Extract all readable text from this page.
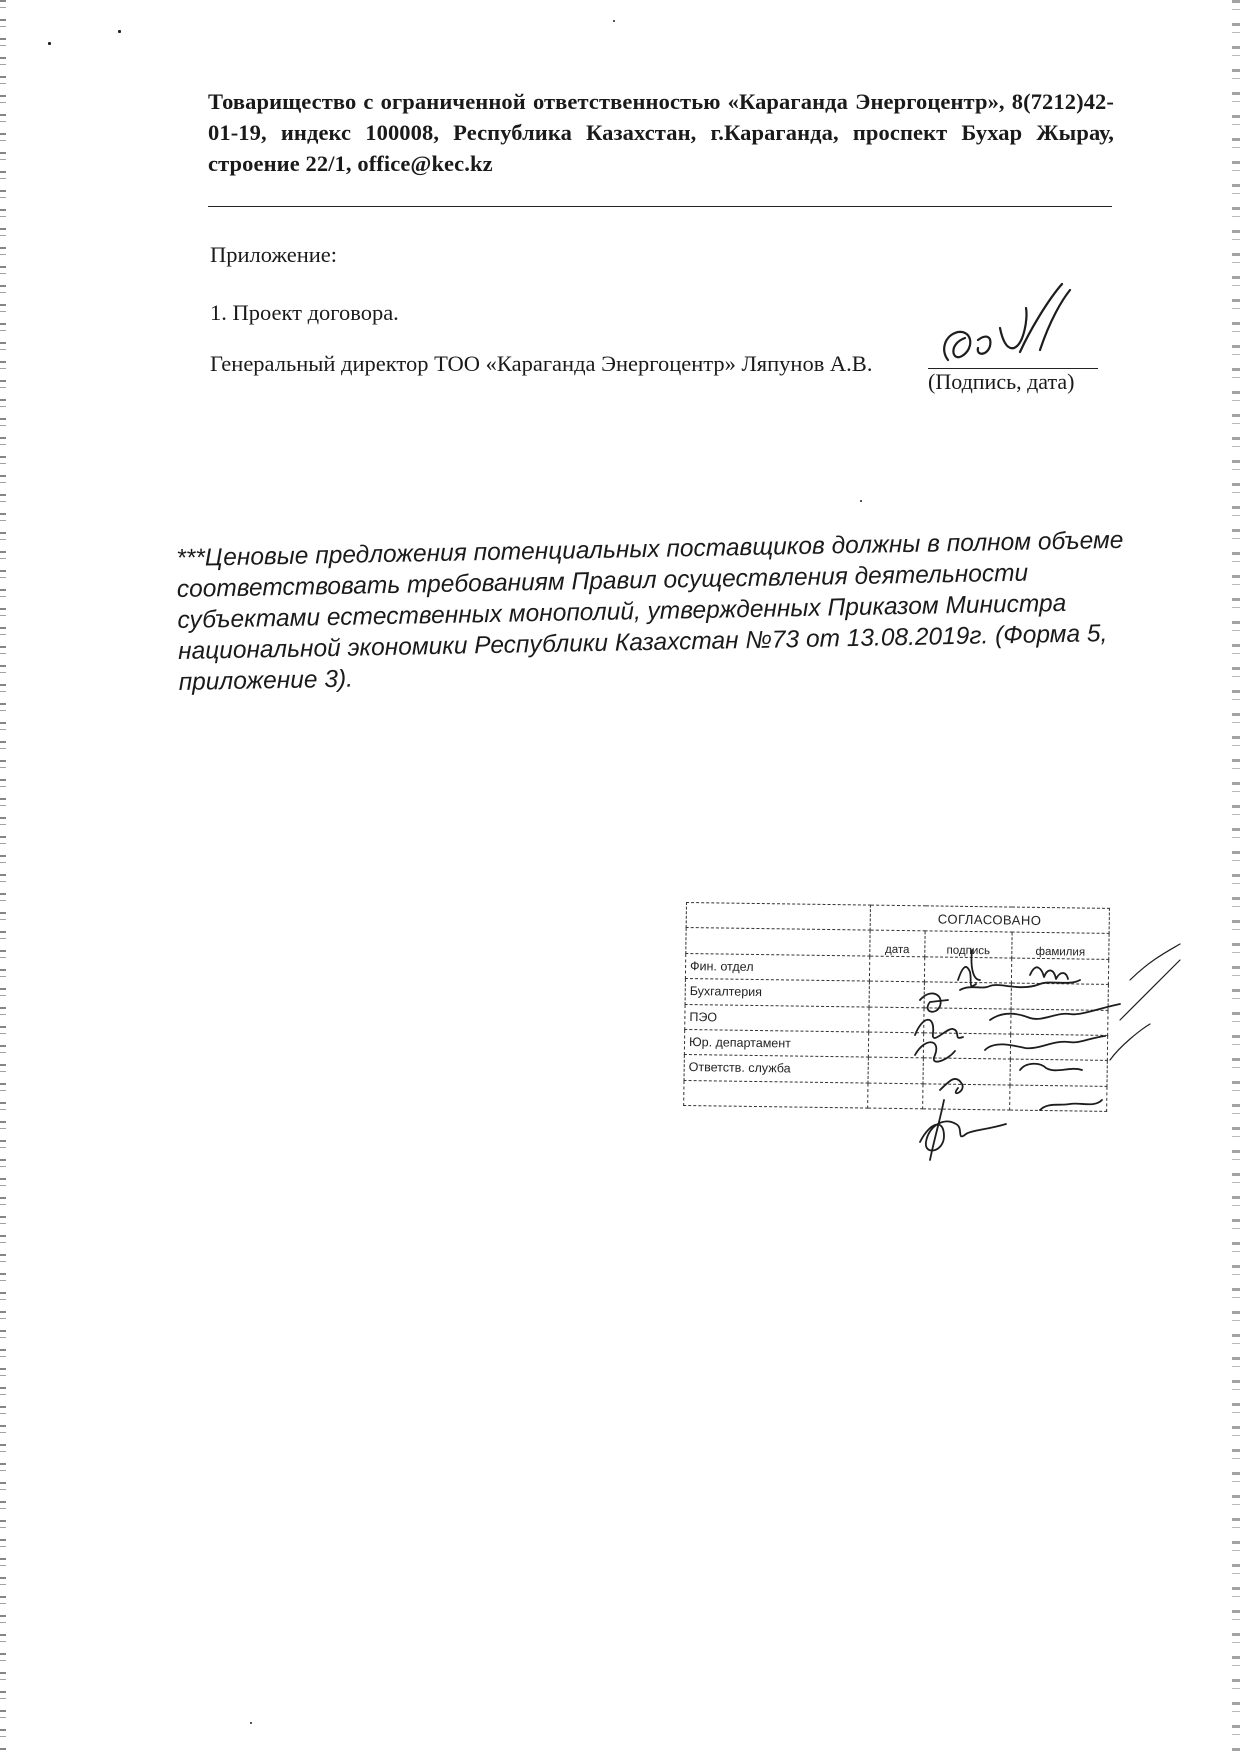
Товарищество с ограниченной ответственностью «Караганда Энергоцентр», 8(7212)42-01-19, индекс 100008, Республика Казахстан, г.Караганда, проспект Бухар Жырау, строение 22/1, office@kec.kz
Приложение:
1. Проект договора.
Генеральный директор ТОО «Караганда Энергоцентр» Ляпунов А.В.
(Подпись, дата)
***Ценовые предложения потенциальных поставщиков должны в полном объеме соответствовать требованиям Правил осуществления деятельности субъектами естественных монополий, утвержденных Приказом Министра национальной экономики Республики Казахстан №73 от 13.08.2019г. (Форма 5, приложение 3).
	СОГЛАСОВАНО		
	дата	подпись	фамилия
Фин. отдел			
Бухгалтерия			
ПЭО			
Юр. департамент			
Ответств. служба			
